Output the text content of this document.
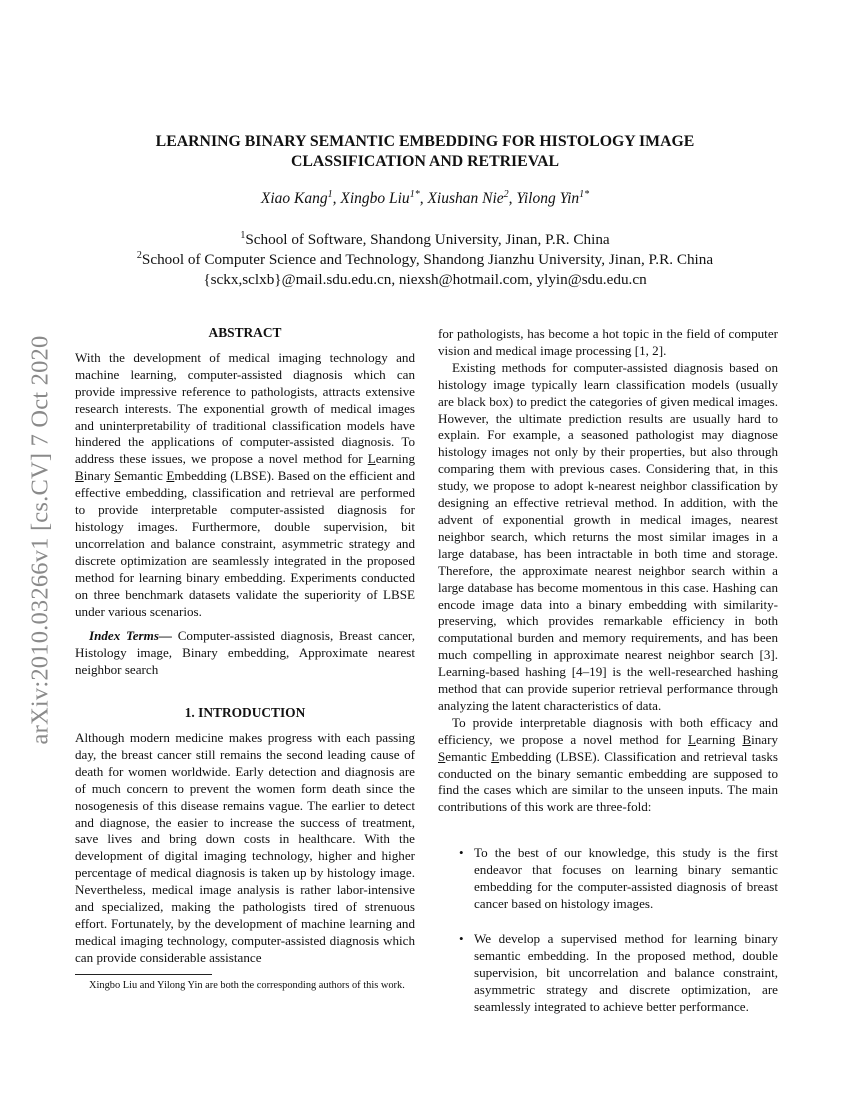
arXiv:2010.03266v1 [cs.CV] 7 Oct 2020
LEARNING BINARY SEMANTIC EMBEDDING FOR HISTOLOGY IMAGE
CLASSIFICATION AND RETRIEVAL
Xiao Kang$^1$, Xingbo Liu$^{1*}$, Xiushan Nie$^2$, Yilong Yin$^{1*}$
$^1$School of Software, Shandong University, Jinan, P.R. China
$^2$School of Computer Science and Technology, Shandong Jianzhu University, Jinan, P.R. China
{sckx,sclxb}@mail.sdu.edu.cn, niexsh@hotmail.com, ylyin@sdu.edu.cn
ABSTRACT

With the development of medical imaging technology and machine learning, computer-assisted diagnosis which can provide impressive reference to pathologists, attracts extensive research interests. The exponential growth of medical images and uninterpretability of traditional classification models have hindered the applications of computer-assisted diagnosis. To address these issues, we propose a novel method for Learning Binary Semantic Embedding (LBSE). Based on the efficient and effective embedding, classification and retrieval are performed to provide interpretable computer-assisted diagnosis for histology images. Furthermore, double supervision, bit uncorrelation and balance constraint, asymmetric strategy and discrete optimization are seamlessly integrated in the proposed method for learning binary embedding. Experiments conducted on three benchmark datasets validate the superiority of LBSE under various scenarios.

Index Terms— Computer-assisted diagnosis, Breast cancer, Histology image, Binary embedding, Approximate nearest neighbor search

1. INTRODUCTION

Although modern medicine makes progress with each passing day, the breast cancer still remains the second leading cause of death for women worldwide. Early detection and diagnosis are of much concern to prevent the women form death since the nosogenesis of this disease remains vague. The earlier to detect and diagnose, the easier to increase the success of treatment, save lives and bring down costs in healthcare. With the development of digital imaging technology, higher and higher percentage of medical diagnosis is taken up by histology image. Nevertheless, medical image analysis is rather labor-intensive and specialized, making the pathologists tired of strenuous effort. Fortunately, by the development of machine learning and medical imaging technology, computer-assisted diagnosis which can provide considerable assistance

for pathologists, has become a hot topic in the field of computer vision and medical image processing [1, 2].

Existing methods for computer-assisted diagnosis based on histology image typically learn classification models (usually are black box) to predict the categories of given medical images. However, the ultimate prediction results are usually hard to explain. For example, a seasoned pathologist may diagnose histology images not only by their properties, but also through comparing them with previous cases. Considering that, in this study, we propose to adopt k-nearest neighbor classification by designing an effective retrieval method. In addition, with the advent of exponential growth in medical images, nearest neighbor search, which returns the most similar images in a large database, has been intractable in both time and storage. Therefore, the approximate nearest neighbor search within a large database has become momentous in this case. Hashing can encode image data into a binary embedding with similarity-preserving, which provides remarkable efficiency in both computational burden and memory requirements, and has been much compelling in approximate nearest neighbor search [3]. Learning-based hashing [4–19] is the well-researched hashing method that can provide superior retrieval performance through analyzing the latent characteristics of data.

To provide interpretable diagnosis with both efficacy and efficiency, we propose a novel method for Learning Binary Semantic Embedding (LBSE). Classification and retrieval tasks conducted on the binary semantic embedding are supposed to find the cases which are similar to the unseen inputs. The main contributions of this work are three-fold:

• To the best of our knowledge, this study is the first endeavor that focuses on learning binary semantic embedding for the computer-assisted diagnosis of breast cancer based on histology images.
• We develop a supervised method for learning binary semantic embedding. In the proposed method, double supervision, bit uncorrelation and balance constraint, asymmetric strategy and discrete optimization, are seamlessly integrated to achieve better performance.
Xingbo Liu and Yilong Yin are both the corresponding authors of this work.
